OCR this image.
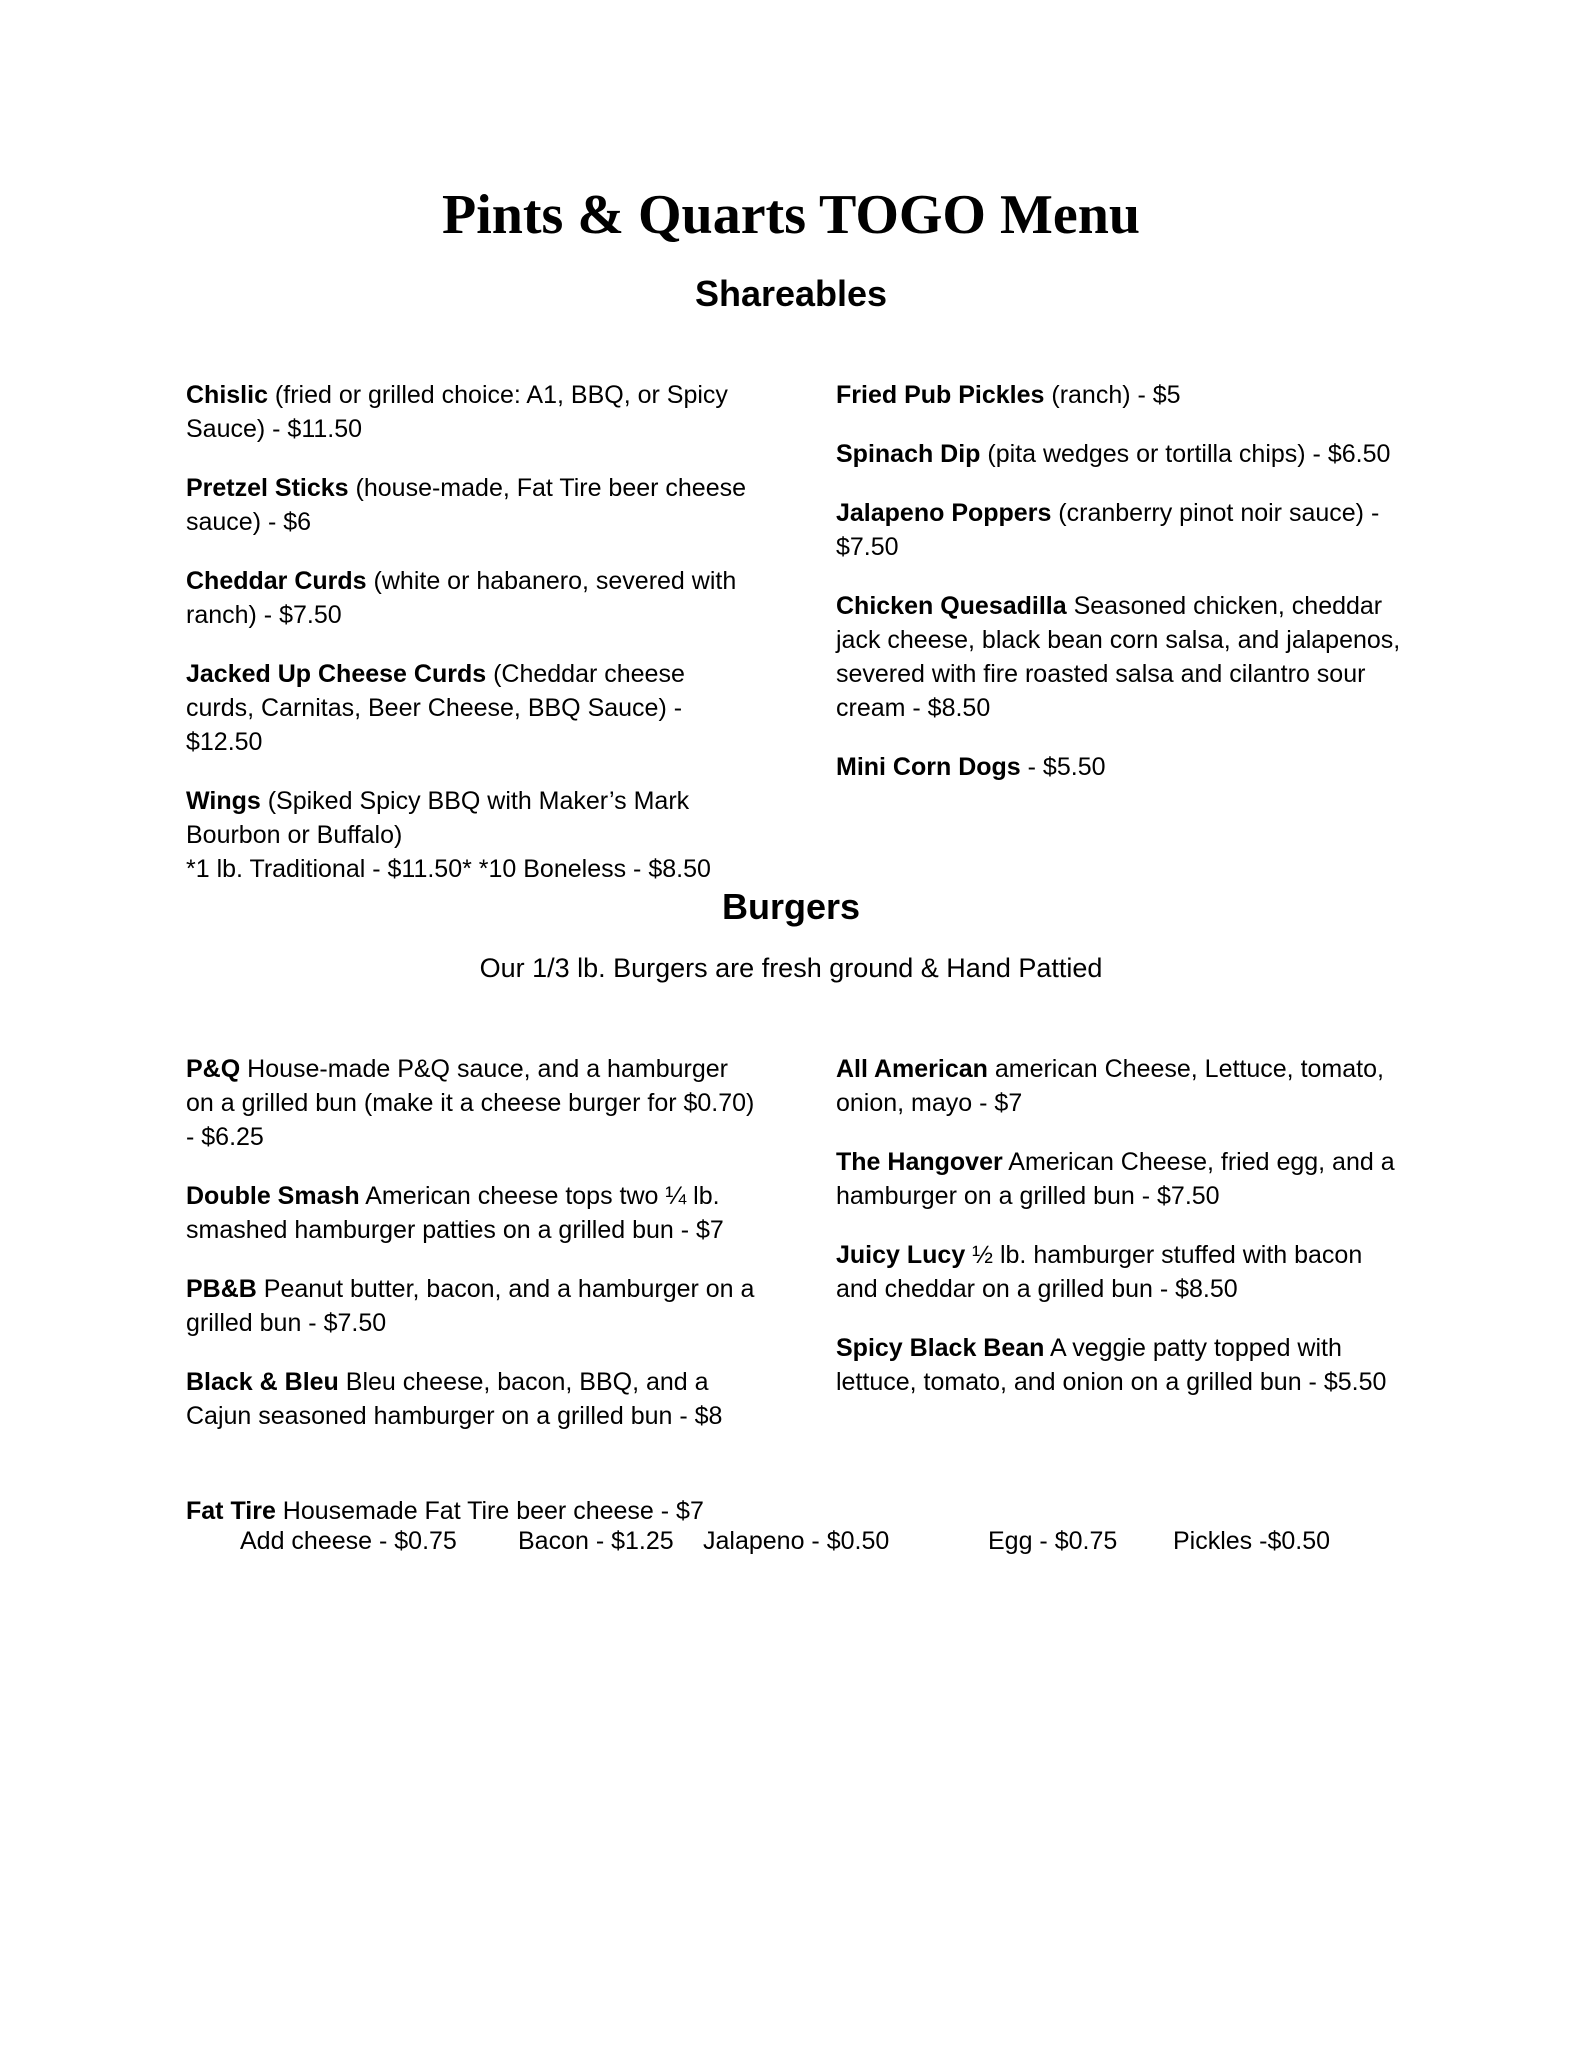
Pints & Quarts TOGO Menu
Shareables

Chislic (fried or grilled choice: A1, BBQ, or Spicy Sauce) - $11.50

Pretzel Sticks (house-made, Fat Tire beer cheese sauce) - $6

Cheddar Curds (white or habanero, severed with ranch) - $7.50

Jacked Up Cheese Curds (Cheddar cheese curds, Carnitas, Beer Cheese, BBQ Sauce) - $12.50

Wings (Spiked Spicy BBQ with Maker’s Mark Bourbon or Buffalo)
*1 lb. Traditional - $11.50* *10 Boneless - $8.50

Fried Pub Pickles (ranch) - $5

Spinach Dip (pita wedges or tortilla chips) - $6.50

Jalapeno Poppers (cranberry pinot noir sauce) - $7.50

Chicken Quesadilla Seasoned chicken, cheddar jack cheese, black bean corn salsa, and jalapenos, severed with fire roasted salsa and cilantro sour cream - $8.50

Mini Corn Dogs - $5.50

Burgers

Our 1/3 lb. Burgers are fresh ground & Hand Pattied

P&Q House-made P&Q sauce, and a hamburger on a grilled bun (make it a cheese burger for $0.70) - $6.25

Double Smash American cheese tops two ¼ lb. smashed hamburger patties on a grilled bun - $7

PB&B Peanut butter, bacon, and a hamburger on a grilled bun - $7.50

Black & Bleu Bleu cheese, bacon, BBQ, and a Cajun seasoned hamburger on a grilled bun - $8

All American american Cheese, Lettuce, tomato, onion, mayo - $7

The Hangover American Cheese, fried egg, and a hamburger on a grilled bun - $7.50

Juicy Lucy ½ lb. hamburger stuffed with bacon and cheddar on a grilled bun - $8.50

Spicy Black Bean A veggie patty topped with lettuce, tomato, and onion on a grilled bun - $5.50

Fat Tire Housemade Fat Tire beer cheese - $7
Add cheese - $0.75 Bacon - $1.25 Jalapeno - $0.50	Egg - $0.75 Pickles -$0.50
